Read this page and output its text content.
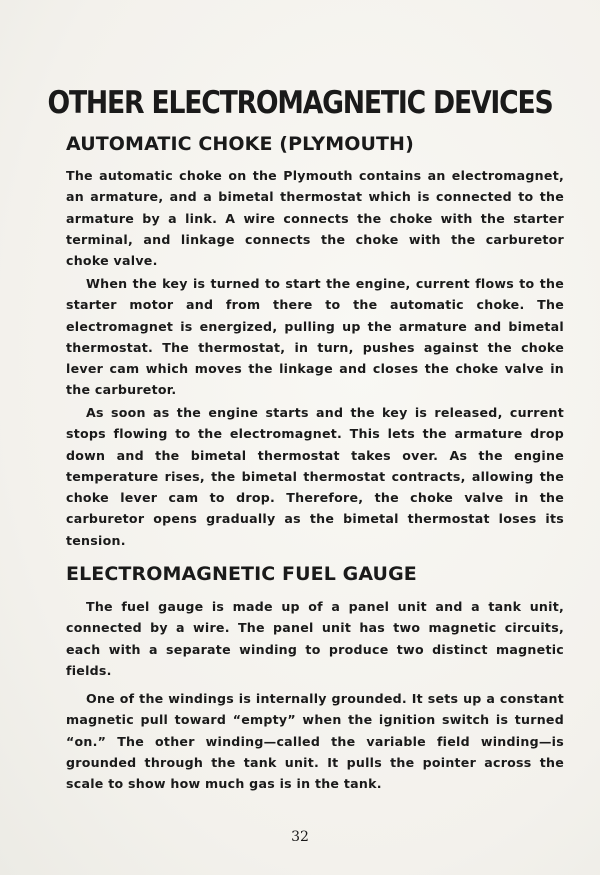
OTHER ELECTROMAGNETIC DEVICES
AUTOMATIC CHOKE (PLYMOUTH)

The automatic choke on the Plymouth contains an electromagnet, an armature, and a bimetal thermostat which is connected to the armature by a link. A wire connects the choke with the starter terminal, and linkage connects the choke with the carburetor choke valve.

When the key is turned to start the engine, current flows to the starter motor and from there to the automatic choke. The electromagnet is energized, pulling up the armature and bimetal thermostat. The thermostat, in turn, pushes against the choke lever cam which moves the linkage and closes the choke valve in the carburetor.

As soon as the engine starts and the key is released, current stops flowing to the electromagnet. This lets the armature drop down and the bimetal thermostat takes over. As the engine temperature rises, the bimetal thermostat contracts, allowing the choke lever cam to drop. Therefore, the choke valve in the carburetor opens gradually as the bimetal thermostat loses its tension.

ELECTROMAGNETIC FUEL GAUGE

The fuel gauge is made up of a panel unit and a tank unit, connected by a wire. The panel unit has two magnetic circuits, each with a separate winding to produce two distinct magnetic fields.

One of the windings is internally grounded. It sets up a constant magnetic pull toward “empty” when the ignition switch is turned “on.” The other winding—called the variable field winding—is grounded through the tank unit. It pulls the pointer across the scale to show how much gas is in the tank.

32
